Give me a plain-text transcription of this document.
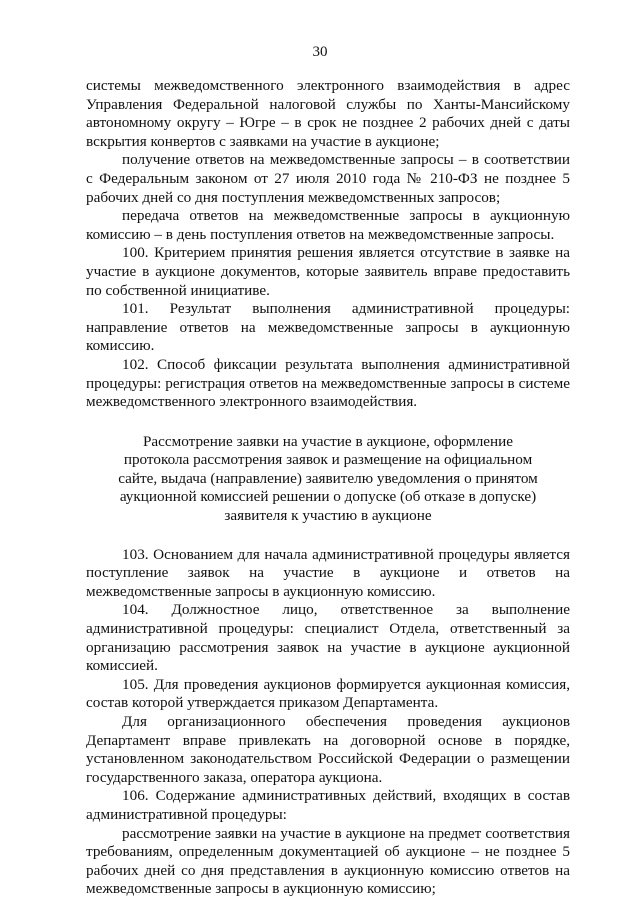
30

системы межведомственного электронного взаимодействия в адрес Управления Федеральной налоговой службы по Ханты-Мансийскому автономному округу – Югре – в срок не позднее 2 рабочих дней с даты вскрытия конвертов с заявками на участие в аукционе;

получение ответов на межведомственные запросы – в соответствии с Федеральным законом от 27 июля 2010 года № 210-ФЗ не позднее 5 рабочих дней со дня поступления межведомственных запросов;

передача ответов на межведомственные запросы в аукционную комиссию – в день поступления ответов на межведомственные запросы.

100. Критерием принятия решения является отсутствие в заявке на участие в аукционе документов, которые заявитель вправе предоставить по собственной инициативе.

101. Результат выполнения административной процедуры: направление ответов на межведомственные запросы в аукционную комиссию.

102. Способ фиксации результата выполнения административной процедуры: регистрация ответов на межведомственные запросы в системе межведомственного электронного взаимодействия.

Рассмотрение заявки на участие в аукционе, оформление
протокола рассмотрения заявок и размещение на официальном
сайте, выдача (направление) заявителю уведомления о принятом
аукционной комиссией решении о допуске (об отказе в допуске)
заявителя к участию в аукционе

103. Основанием для начала административной процедуры является поступление заявок на участие в аукционе и ответов на межведомственные запросы в аукционную комиссию.

104. Должностное лицо, ответственное за выполнение административной процедуры: специалист Отдела, ответственный за организацию рассмотрения заявок на участие в аукционе аукционной комиссией.

105. Для проведения аукционов формируется аукционная комиссия, состав которой утверждается приказом Департамента.

Для организационного обеспечения проведения аукционов Департамент вправе привлекать на договорной основе в порядке, установленном законодательством Российской Федерации о размещении государственного заказа, оператора аукциона.

106. Содержание административных действий, входящих в состав административной процедуры:

рассмотрение заявки на участие в аукционе на предмет соответствия требованиям, определенным документацией об аукционе – не позднее 5 рабочих дней со дня представления в аукционную комиссию ответов на межведомственные запросы в аукционную комиссию;
